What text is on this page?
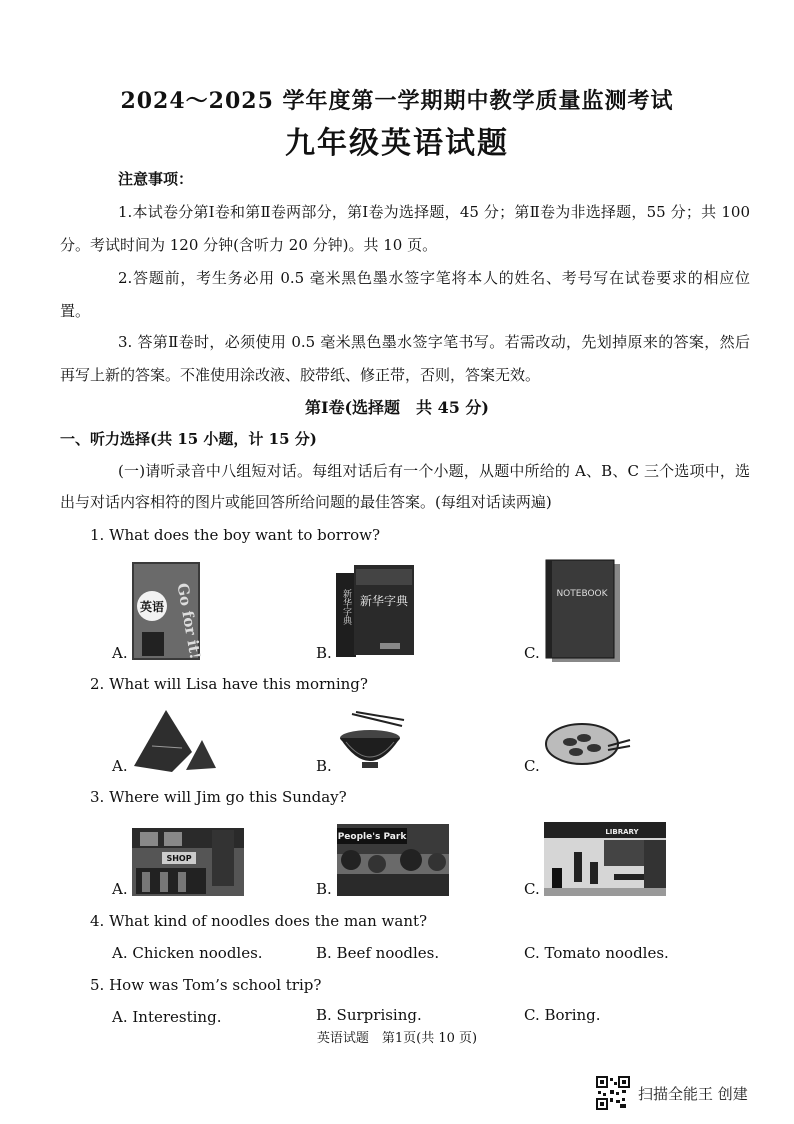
2024～2025 学年度第一学期期中教学质量监测考试
九年级英语试题
注意事项：
1.本试卷分第Ⅰ卷和第Ⅱ卷两部分，第Ⅰ卷为选择题，45 分；第Ⅱ卷为非选择题，55 分；共 100 分。考试时间为 120 分钟(含听力 20 分钟)。共 10 页。
2.答题前，考生务必用 0.5 毫米黑色墨水签字笔将本人的姓名、考号写在试卷要求的相应位置。
3. 答第Ⅱ卷时，必须使用 0.5 毫米黑色墨水签字笔书写。若需改动，先划掉原来的答案，然后再写上新的答案。不准使用涂改液、胶带纸、修正带，否则，答案无效。
第Ⅰ卷(选择题　共 45 分)
一、听力选择(共 15 小题，计 15 分)
(一)请听录音中八组短对话。每组对话后有一个小题，从题中所给的 A、B、C 三个选项中，选出与对话内容相符的图片或能回答所给问题的最佳答案。(每组对话读两遍)
1. What does the boy want to borrow?
A.
英语 Go for it!	B.
新华字典
新华字典
C.
NOTEBOOK
2. What will Lisa have this morning?
A.	B.	C.
3. Where will Jim go this Sunday?
A.
SHOP
B.
People's Park
C.
LIBRARY
4. What kind of noodles does the man want?
A. Chicken noodles.	B. Beef noodles.	C. Tomato noodles.
5. How was Tom’s school trip?
A. Interesting.	B. Surprising.	C. Boring.
英语试题　第1页(共 10 页)
扫描全能王 创建
